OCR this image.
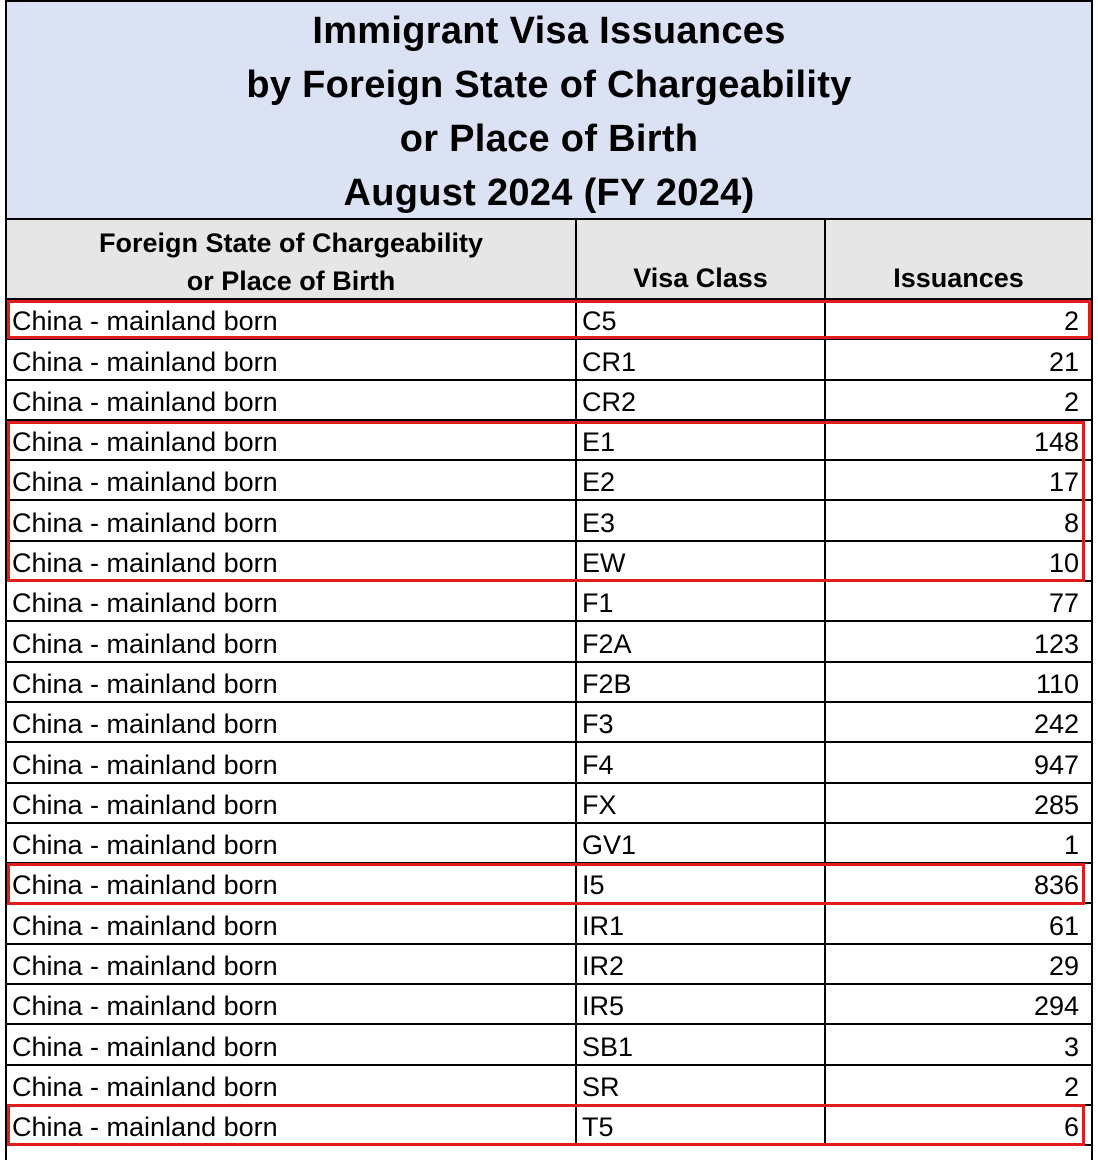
Immigrant Visa Issuances
by Foreign State of Chargeability
or Place of Birth
August 2024 (FY 2024)
Foreign State of Chargeability
or Place of Birth	Visa Class	Issuances
China - mainland born	C5	2
China - mainland born	CR1	21
China - mainland born	CR2	2
China - mainland born	E1	148
China - mainland born	E2	17
China - mainland born	E3	8
China - mainland born	EW	10
China - mainland born	F1	77
China - mainland born	F2A	123
China - mainland born	F2B	110
China - mainland born	F3	242
China - mainland born	F4	947
China - mainland born	FX	285
China - mainland born	GV1	1
China - mainland born	I5	836
China - mainland born	IR1	61
China - mainland born	IR2	29
China - mainland born	IR5	294
China - mainland born	SB1	3
China - mainland born	SR	2
China - mainland born	T5	6
